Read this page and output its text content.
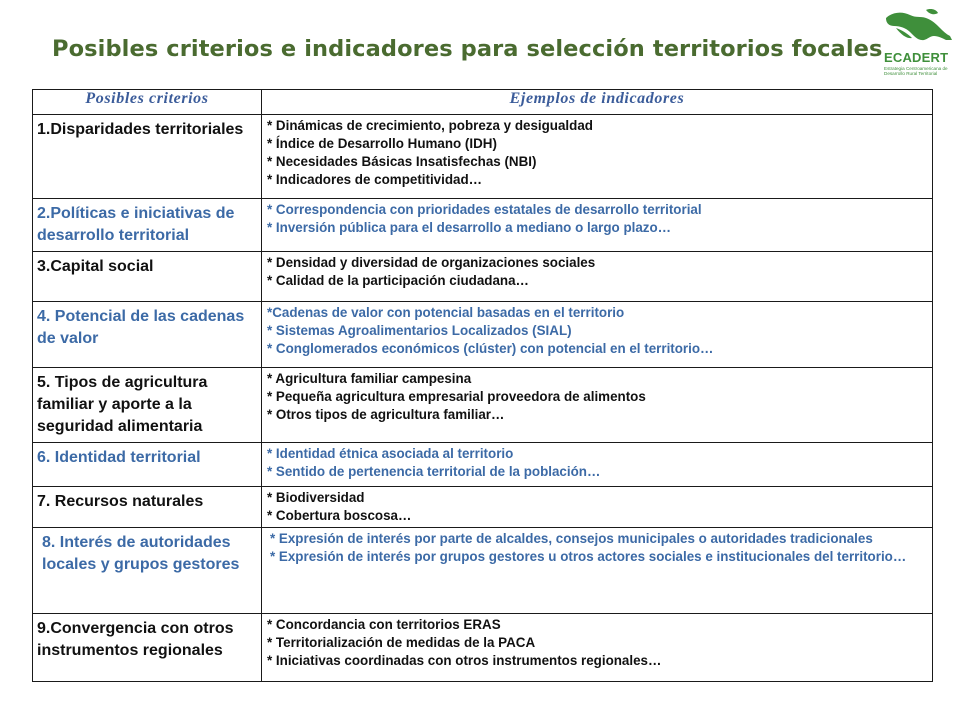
Posibles criterios e indicadores para selección territorios focales ECADERT
Estrategia Centroamericana de Desarrollo Rural Territorial
Posibles criterios	Ejemplos de indicadores
1.Disparidades territoriales	* Dinámicas de crecimiento, pobreza y desigualdad
* Índice de Desarrollo Humano (IDH)
* Necesidades Básicas Insatisfechas (NBI)
* Indicadores de competitividad…

2.Políticas e iniciativas de desarrollo territorial	* Correspondencia con prioridades estatales de desarrollo territorial
* Inversión pública para el desarrollo a mediano o largo plazo…

3.Capital social	* Densidad y diversidad de organizaciones sociales
* Calidad de la participación ciudadana…

4. Potencial de las cadenas de valor	*Cadenas de valor con potencial basadas en el territorio
* Sistemas Agroalimentarios Localizados (SIAL)
* Conglomerados económicos (clúster) con potencial en el territorio…

5. Tipos de agricultura familiar y aporte a la seguridad alimentaria	* Agricultura familiar campesina
* Pequeña agricultura empresarial proveedora de alimentos
* Otros tipos de agricultura familiar…

6. Identidad territorial	* Identidad étnica asociada al territorio
* Sentido de pertenencia territorial de la población…

7. Recursos naturales	* Biodiversidad
* Cobertura boscosa…

8. Interés de autoridades locales y grupos gestores	* Expresión de interés por parte de alcaldes, consejos municipales o autoridades tradicionales
* Expresión de interés por grupos gestores u otros actores sociales e institucionales del territorio…

9.Convergencia con otros instrumentos regionales	* Concordancia con territorios ERAS
* Territorialización de medidas de la PACA
* Iniciativas coordinadas con otros instrumentos regionales…
